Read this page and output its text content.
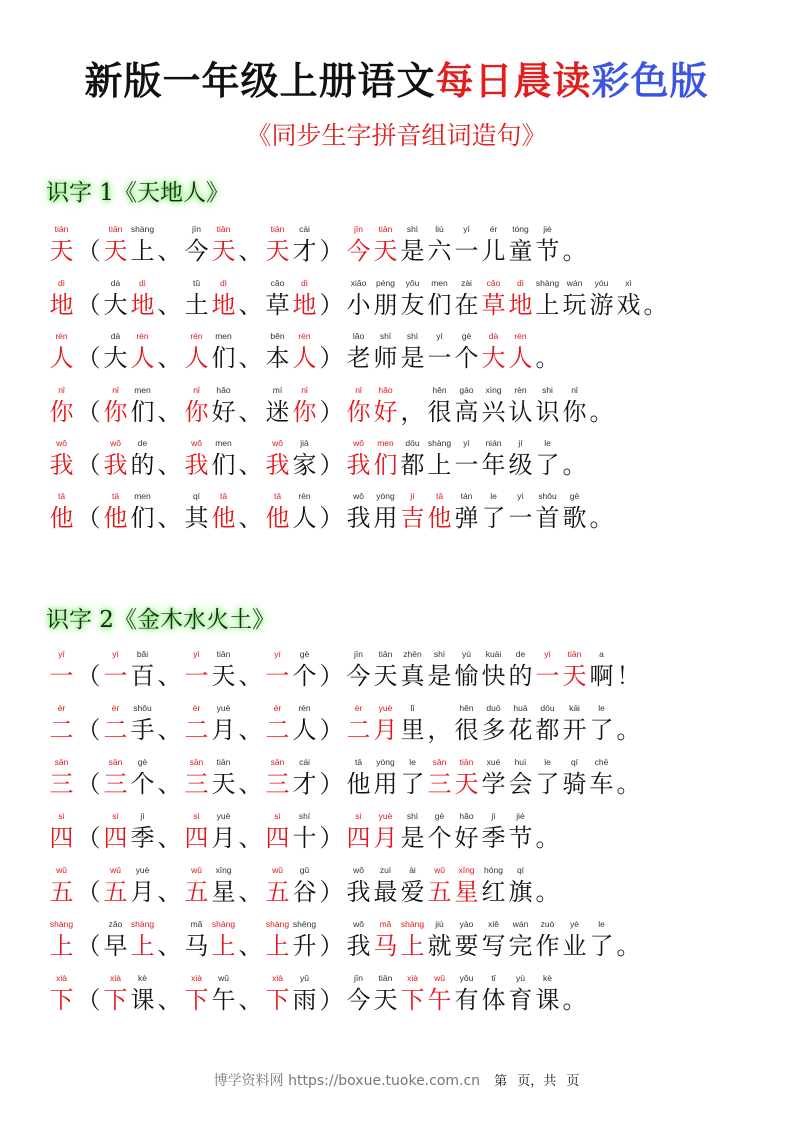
新版一年级上册语文每日晨读彩色版
《同步生字拼音组词造句》
识字 1《天地人》
tiān
天 （
tiān
天
shàng
上 、
jīn
今
tiān
天 、
tiān
天
cái
才 ）
jīn
今
tiān
天
shì
是
liù
六
yī
一
ér
儿
tóng
童
jié
节 。
dì
地 （
dà
大
dì
地 、
tǔ
土
dì
地 、
cǎo
草
dì
地 ）
xiǎo
小
péng
朋
yǒu
友
men
们
zài
在
cǎo
草
dì
地
shàng
上
wán
玩
yóu
游
xì
戏 。
rén
人 （
dà
大
rén
人 、
rén
人
men
们 、
běn
本
rén
人 ）
lǎo
老
shī
师
shì
是
yí
一
gè
个
dà
大
rén
人 。
nǐ
你 （
nǐ
你
men
们 、
nǐ
你
hǎo
好 、
mí
迷
nǐ
你 ）
nǐ
你
hǎo
好 ，
hěn
很
gāo
高
xìng
兴
rèn
认
shi
识
nǐ
你 。
wǒ
我 （
wǒ
我
de
的 、
wǒ
我
men
们 、
wǒ
我
jiā
家 ）
wǒ
我
men
们
dōu
都
shàng
上
yì
一
nián
年
jí
级
le
了 。
tā
他 （
tā
他
men
们 、
qí
其
tā
他 、
tā
他
rén
人 ）
wǒ
我
yòng
用
jí
吉
tā
他
tán
弹
le
了
yì
一
shǒu
首
gē
歌 。
识字 2《金木水火土》
yī
一 （
yì
一
bǎi
百 、
yì
一
tiān
天 、
yí
一
gè
个 ）
jīn
今
tiān
天
zhēn
真
shì
是
yú
愉
kuài
快
de
的
yì
一
tiān
天
a
啊 ！
èr
二 （
èr
二
shǒu
手 、
èr
二
yuè
月 、
èr
二
rén
人 ）
èr
二
yuè
月
lǐ
里 ，
hěn
很
duō
多
huā
花
dōu
都
kāi
开
le
了 。
sān
三 （
sān
三
gè
个 、
sān
三
tiān
天 、
sān
三
cái
才 ）
tā
他
yòng
用
le
了
sān
三
tiān
天
xué
学
huì
会
le
了
qí
骑
chē
车 。
sì
四 （
sì
四
jì
季 、
sì
四
yuè
月 、
sì
四
shí
十 ）
sì
四
yuè
月
shì
是
gè
个
hǎo
好
jì
季
jié
节 。
wǔ
五 （
wǔ
五
yuè
月 、
wǔ
五
xīng
星 、
wǔ
五
gǔ
谷 ）
wǒ
我
zuì
最
ài
爱
wǔ
五
xīng
星
hóng
红
qí
旗 。
shàng
上 （
zǎo
早
shàng
上 、
mǎ
马
shàng
上 、
shàng
上
shēng
升 ）
wǒ
我
mǎ
马
shàng
上
jiù
就
yào
要
xiě
写
wán
完
zuò
作
yè
业
le
了 。
xià
下 （
xià
下
kè
课 、
xià
下
wǔ
午 、
xià
下
yǔ
雨 ）
jīn
今
tiān
天
xià
下
wǔ
午
yǒu
有
tǐ
体
yù
育
kè
课 。
博学资料网 https://boxue.tuoke.com.cn 第 页，共 页
